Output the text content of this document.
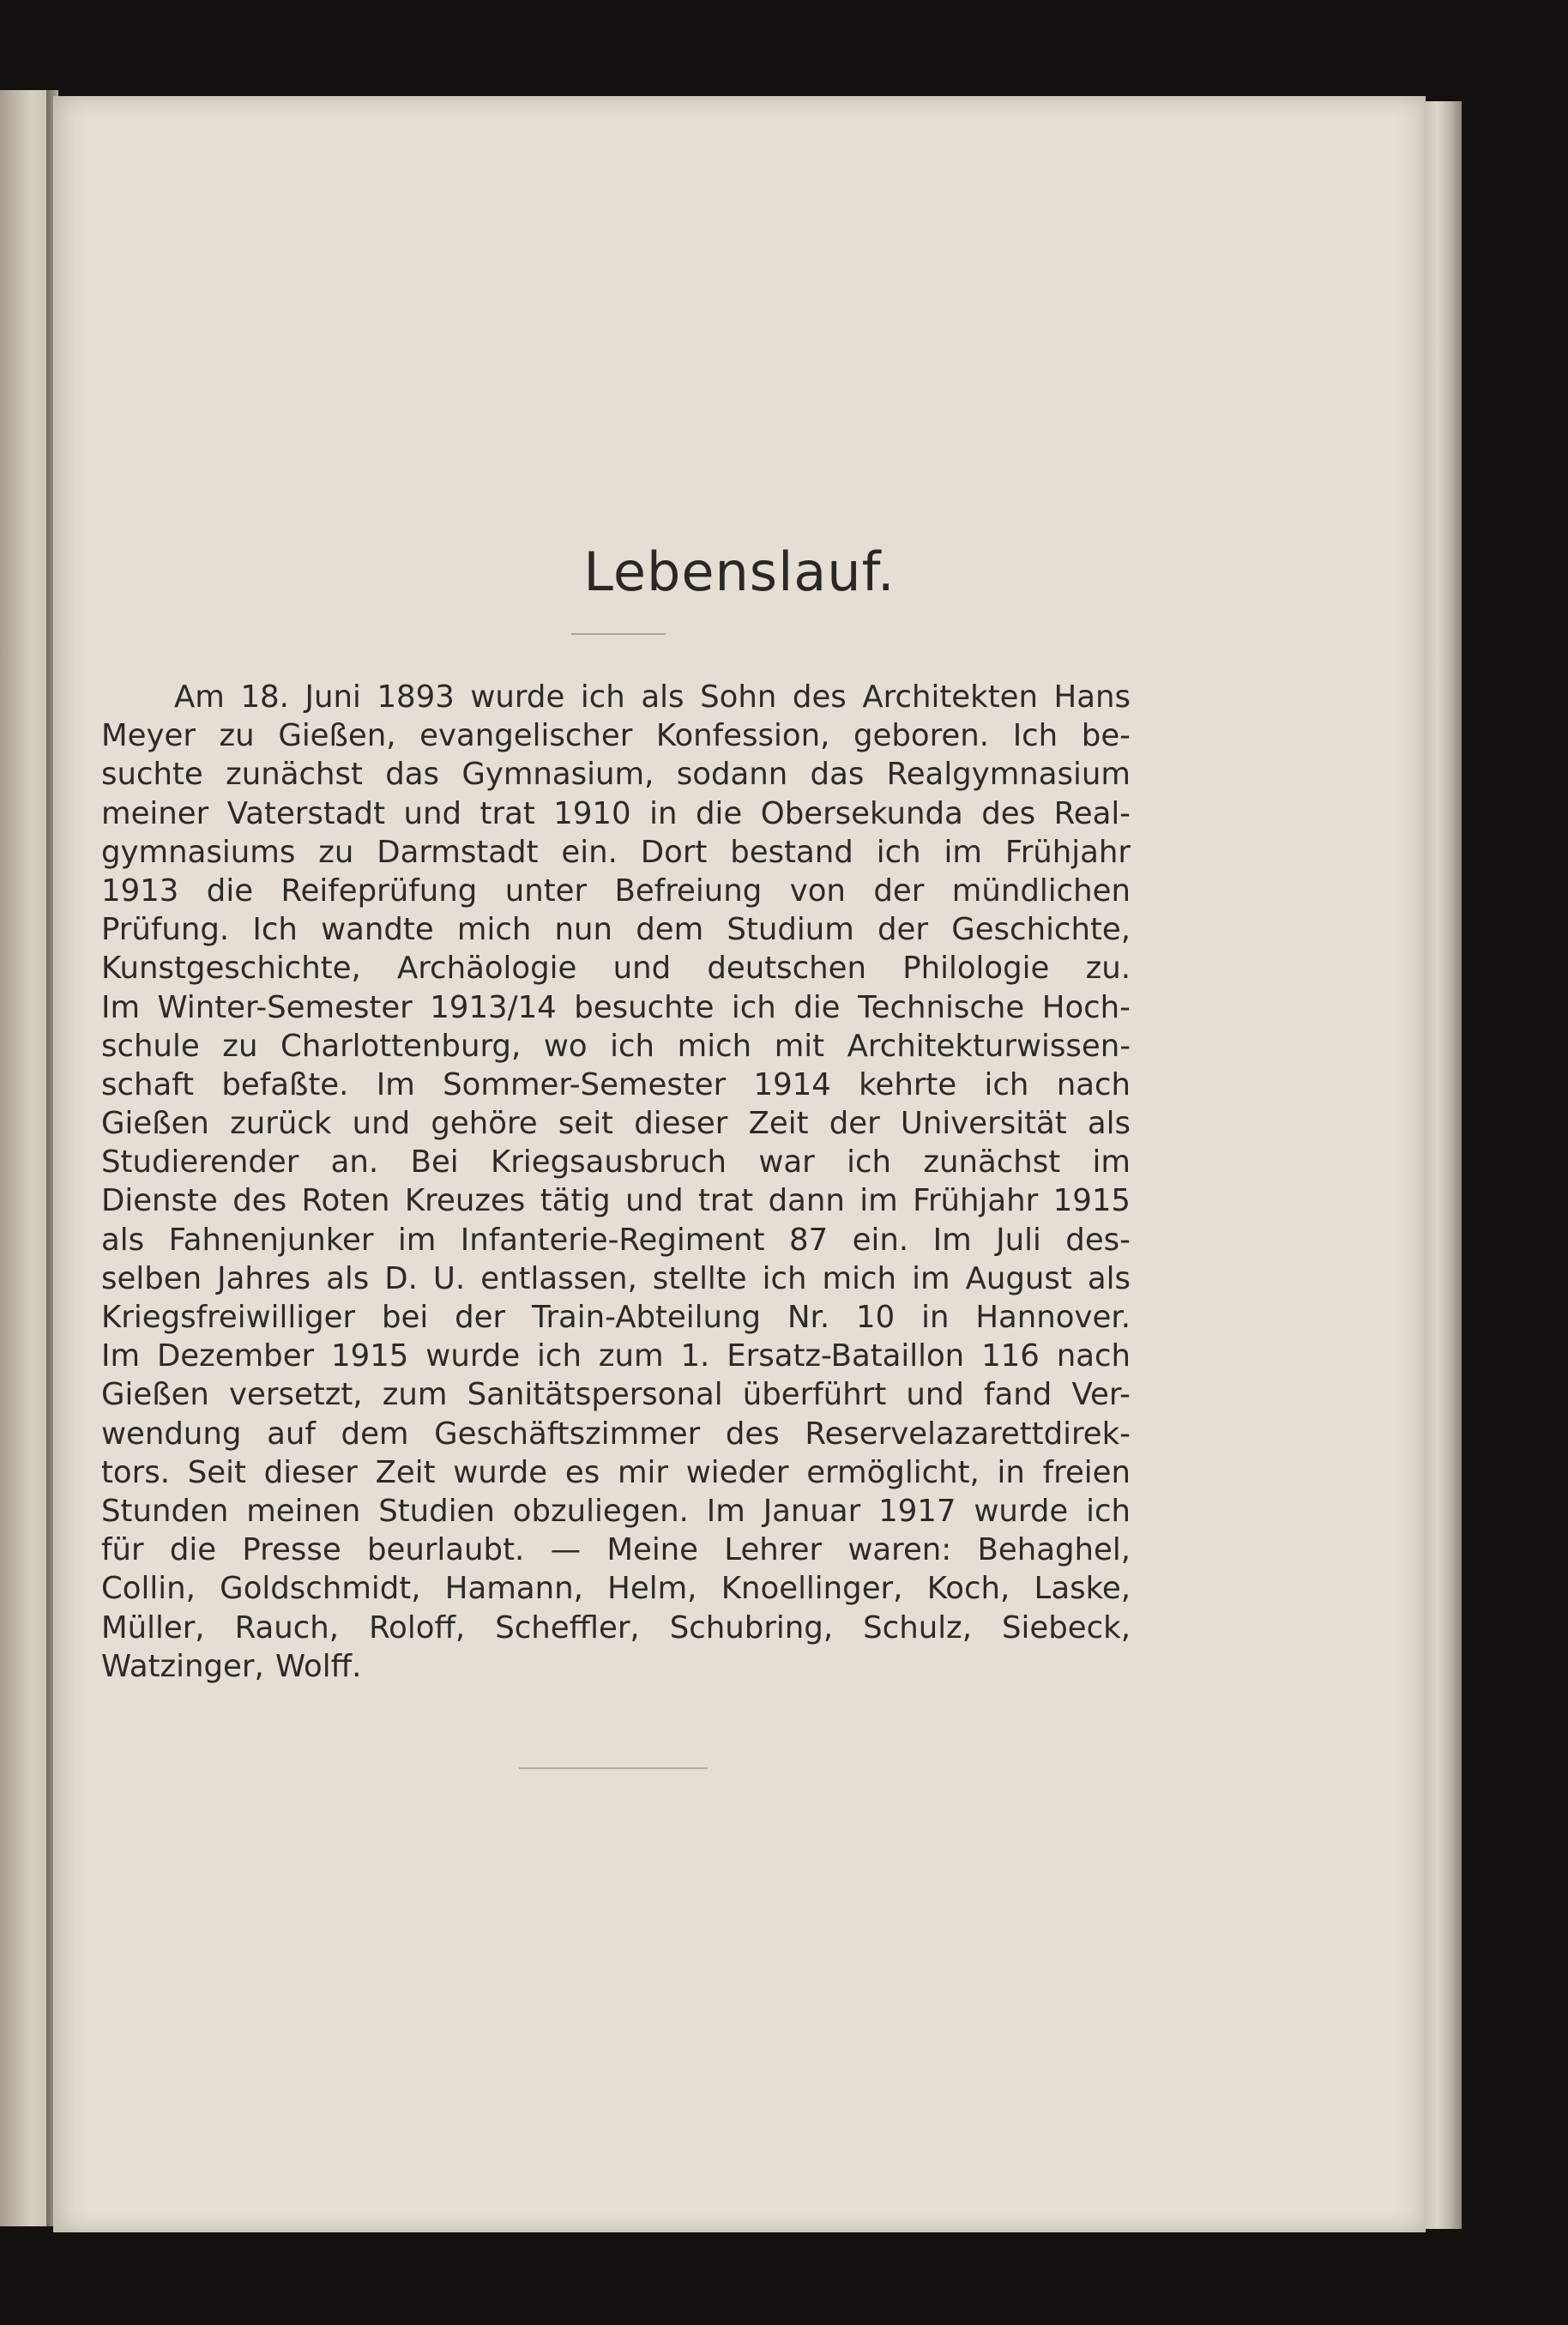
Lebenslauf.
Am 18. Juni 1893 wurde ich als Sohn des Architekten Hans
Meyer zu Gießen, evangelischer Konfession, geboren. Ich be-
suchte zunächst das Gymnasium, sodann das Realgymnasium
meiner Vaterstadt und trat 1910 in die Obersekunda des Real-
gymnasiums zu Darmstadt ein. Dort bestand ich im Frühjahr
1913 die Reifeprüfung unter Befreiung von der mündlichen
Prüfung. Ich wandte mich nun dem Studium der Geschichte,
Kunstgeschichte, Archäologie und deutschen Philologie zu.
Im Winter-Semester 1913/14 besuchte ich die Technische Hoch-
schule zu Charlottenburg, wo ich mich mit Architekturwissen-
schaft befaßte. Im Sommer-Semester 1914 kehrte ich nach
Gießen zurück und gehöre seit dieser Zeit der Universität als
Studierender an. Bei Kriegsausbruch war ich zunächst im
Dienste des Roten Kreuzes tätig und trat dann im Frühjahr 1915
als Fahnenjunker im Infanterie-Regiment 87 ein. Im Juli des-
selben Jahres als D. U. entlassen, stellte ich mich im August als
Kriegsfreiwilliger bei der Train-Abteilung Nr. 10 in Hannover.
Im Dezember 1915 wurde ich zum 1. Ersatz-Bataillon 116 nach
Gießen versetzt, zum Sanitätspersonal überführt und fand Ver-
wendung auf dem Geschäftszimmer des Reservelazarettdirek-
tors. Seit dieser Zeit wurde es mir wieder ermöglicht, in freien
Stunden meinen Studien obzuliegen. Im Januar 1917 wurde ich
für die Presse beurlaubt. — Meine Lehrer waren: Behaghel,
Collin, Goldschmidt, Hamann, Helm, Knoellinger, Koch, Laske,
Müller, Rauch, Roloff, Scheffler, Schubring, Schulz, Siebeck,
Watzinger, Wolff.
